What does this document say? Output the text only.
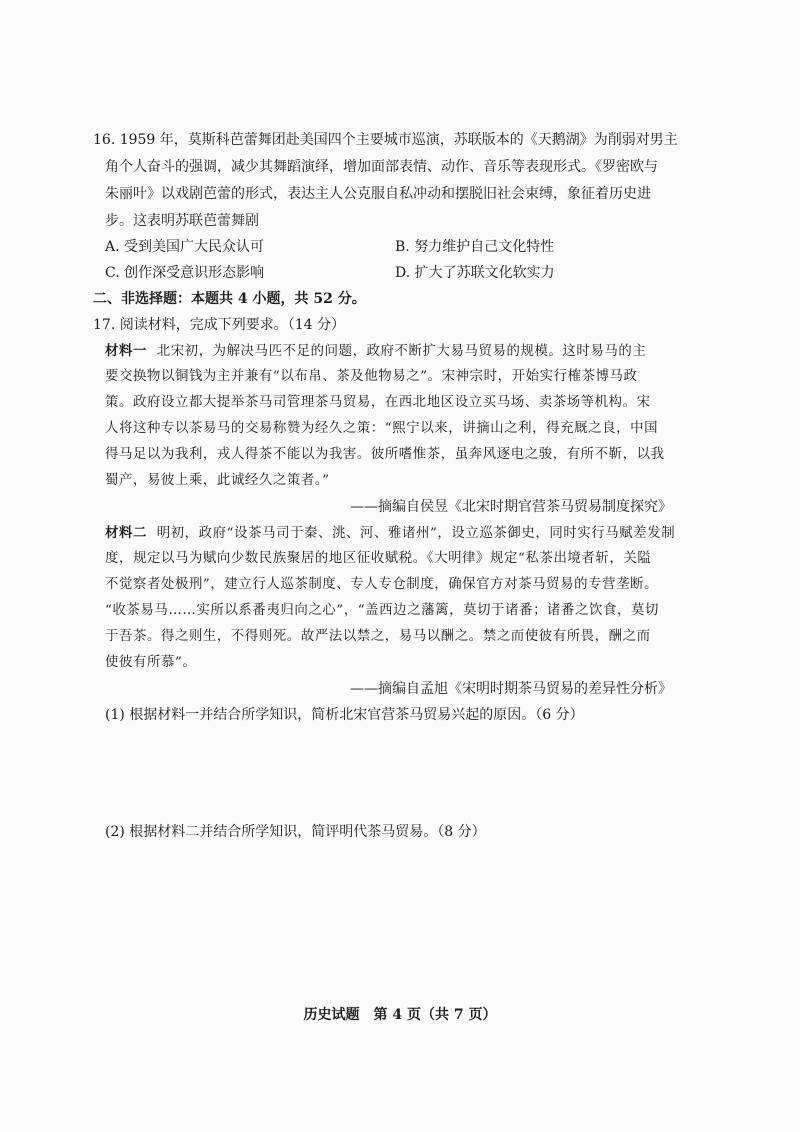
16. 1959 年，莫斯科芭蕾舞团赴美国四个主要城市巡演，苏联版本的《天鹅湖》为削弱对男主
角个人奋斗的强调，减少其舞蹈演绎，增加面部表情、动作、音乐等表现形式。《罗密欧与
朱丽叶》以戏剧芭蕾的形式，表达主人公克服自私冲动和摆脱旧社会束缚，象征着历史进
步。这表明苏联芭蕾舞剧
A. 受到美国广大民众认可	B. 努力维护自己文化特性
C. 创作深受意识形态影响	D. 扩大了苏联文化软实力
二、非选择题：本题共 4 小题，共 52 分。
17. 阅读材料，完成下列要求。（14 分）
材料一 北宋初，为解决马匹不足的问题，政府不断扩大易马贸易的规模。这时易马的主
要交换物以铜钱为主并兼有“以布帛、茶及他物易之”。宋神宗时，开始实行榷茶博马政
策。政府设立都大提举茶马司管理茶马贸易，在西北地区设立买马场、卖茶场等机构。宋
人将这种专以茶易马的交易称赞为经久之策：“熙宁以来，讲摘山之利，得充厩之良，中国
得马足以为我利，戎人得茶不能以为我害。彼所嗜惟茶，虽奔风逐电之骏，有所不靳，以我
蜀产，易彼上乘，此诚经久之策者。”
——摘编自侯昱《北宋时期官营茶马贸易制度探究》
材料二 明初，政府“设茶马司于秦、洮、河、雅诸州”，设立巡茶御史，同时实行马赋差发制
度，规定以马为赋向少数民族聚居的地区征收赋税。《大明律》规定“私茶出境者斩，关隘
不觉察者处极刑”，建立行人巡茶制度、专人专仓制度，确保官方对茶马贸易的专营垄断。
“收茶易马……实所以系番夷归向之心”，“盖西边之藩篱，莫切于诸番；诸番之饮食，莫切
于吾茶。得之则生，不得则死。故严法以禁之，易马以酬之。禁之而使彼有所畏，酬之而
使彼有所慕”。
——摘编自孟旭《宋明时期茶马贸易的差异性分析》
(1) 根据材料一并结合所学知识，简析北宋官营茶马贸易兴起的原因。（6 分）
(2) 根据材料二并结合所学知识，简评明代茶马贸易。（8 分）
历史试题 第 4 页（共 7 页）
